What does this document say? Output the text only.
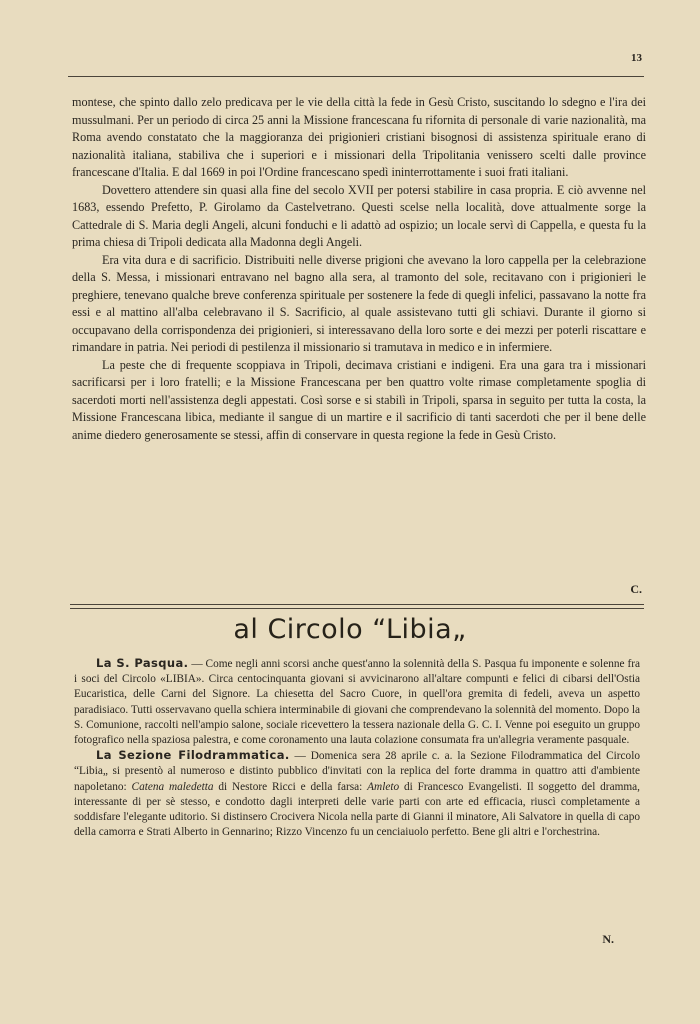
13

montese, che spinto dallo zelo predicava per le vie della città la fede in Gesù Cristo, suscitando lo sdegno e l'ira dei mussulmani. Per un periodo di circa 25 anni la Missione francescana fu rifornita di personale di varie nazionalità, ma Roma avendo constatato che la maggioranza dei prigionieri cristiani bisognosi di assistenza spirituale erano di nazionalità italiana, stabiliva che i superiori e i missionari della Tripolitania venissero scelti dalle province francescane d'Italia. E dal 1669 in poi l'Ordine francescano spedì ininterrottamente i suoi frati italiani.

Dovettero attendere sin quasi alla fine del secolo XVII per potersi stabilire in casa propria. E ciò avvenne nel 1683, essendo Prefetto, P. Girolamo da Castelvetrano. Questi scelse nella località, dove attualmente sorge la Cattedrale di S. Maria degli Angeli, alcuni fonduchi e li adattò ad ospizio; un locale servì di Cappella, e questa fu la prima chiesa di Tripoli dedicata alla Madonna degli Angeli.

Era vita dura e di sacrificio. Distribuiti nelle diverse prigioni che avevano la loro cappella per la celebrazione della S. Messa, i missionari entravano nel bagno alla sera, al tramonto del sole, recitavano con i prigionieri le preghiere, tenevano qualche breve conferenza spirituale per sostenere la fede di quegli infelici, passavano la notte fra essi e al mattino all'alba celebravano il S. Sacrificio, al quale assistevano tutti gli schiavi. Durante il giorno si occupavano della corrispondenza dei prigionieri, si interessavano della loro sorte e dei mezzi per poterli riscattare e rimandare in patria. Nei periodi di pestilenza il missionario si tramutava in medico e in infermiere.

La peste che di frequente scoppiava in Tripoli, decimava cristiani e indigeni. Era una gara tra i missionari sacrificarsi per i loro fratelli; e la Missione Francescana per ben quattro volte rimase completamente spoglia di sacerdoti morti nell'assistenza degli appestati. Così sorse e si stabilì in Tripoli, sparsa in seguito per tutta la costa, la Missione Francescana libica, mediante il sangue di un martire e il sacrificio di tanti sacerdoti che per il bene delle anime diedero generosamente se stessi, affin di conservare in questa regione la fede in Gesù Cristo.

C.
al Circolo “Libia„

La S. Pasqua. — Come negli anni scorsi anche quest'anno la solennità della S. Pasqua fu imponente e solenne fra i soci del Circolo «LIBIA». Circa centocinquanta giovani si avvicinarono all'altare compunti e felici di cibarsi dell'Ostia Eucaristica, delle Carni del Signore. La chiesetta del Sacro Cuore, in quell'ora gremita di fedeli, aveva un aspetto paradisiaco. Tutti osservavano quella schiera interminabile di giovani che comprendevano la solennità del momento. Dopo la S. Comunione, raccolti nell'ampio salone, sociale ricevettero la tessera nazionale della G. C. I. Venne poi eseguito un gruppo fotografico nella spaziosa palestra, e come coronamento una lauta colazione consumata fra un'allegria veramente pasquale.

La Sezione Filodrammatica. — Domenica sera 28 aprile c. a. la Sezione Filodrammatica del Circolo “Libia„ si presentò al numeroso e distinto pubblico d'invitati con la replica del forte dramma in quattro atti d'ambiente napoletano: Catena maledetta di Nestore Ricci e della farsa: Amleto di Francesco Evangelisti. Il soggetto del dramma, interessante di per sè stesso, e condotto dagli interpreti delle varie parti con arte ed efficacia, riuscì completamente a soddisfare l'elegante uditorio. Si distinsero Crocivera Nicola nella parte di Gianni il minatore, Ali Salvatore in quella di capo della camorra e Strati Alberto in Gennarino; Rizzo Vincenzo fu un cenciaiuolo perfetto. Bene gli altri e l'orchestrina.

N.
